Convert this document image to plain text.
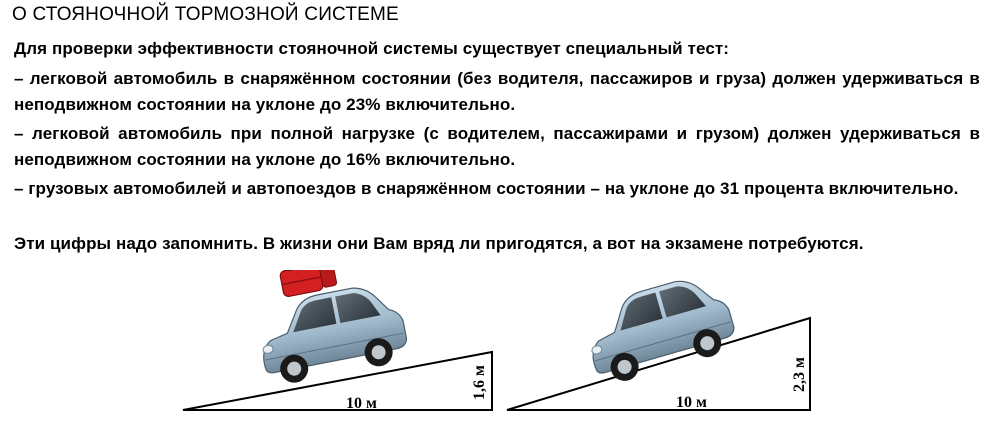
О СТОЯНОЧНОЙ ТОРМОЗНОЙ СИСТЕМЕ
Для проверки эффективности стояночной системы существует специальный тест:
– легковой автомобиль в снаряжённом состоянии (без водителя, пассажиров и груза) должен удерживаться в неподвижном состоянии на уклоне до 23% включительно.
– легковой автомобиль при полной нагрузке (с водителем, пассажирами и грузом) должен удерживаться в неподвижном состоянии на уклоне до 16% включительно.
– грузовых автомобилей и автопоездов в снаряжённом состоянии – на уклоне до 31 процента включительно.
Эти цифры надо запомнить. В жизни они Вам вряд ли пригодятся, а вот на экзамене потребуются.
10 м
1,6 м
10 м
2,3 м
